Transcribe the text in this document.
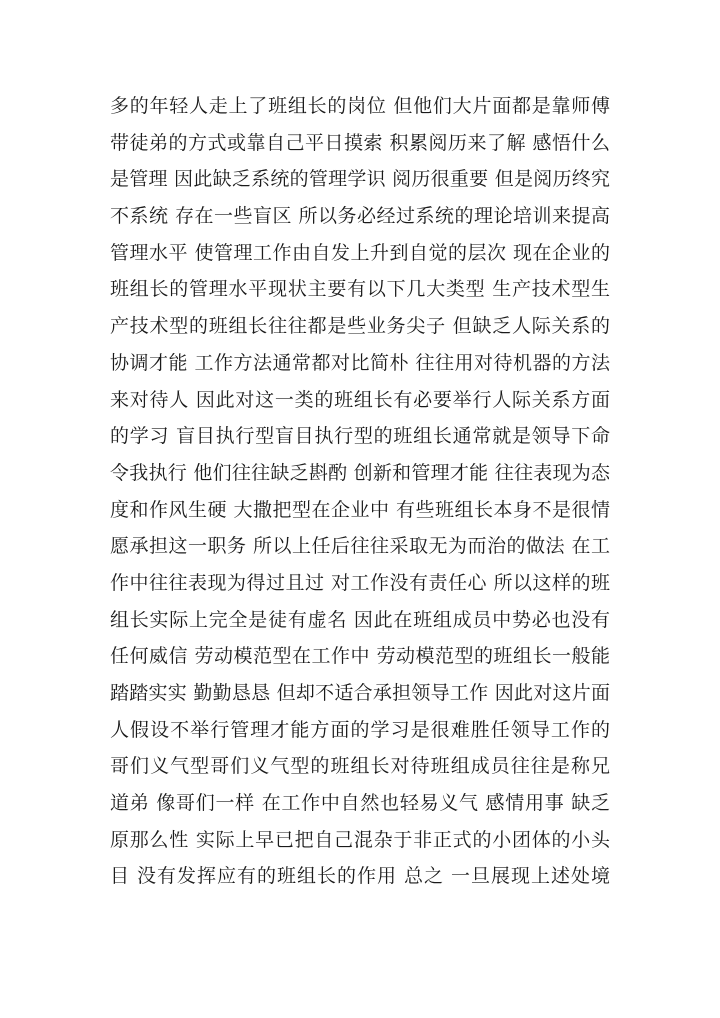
多的年轻人走上了班组长的岗位 但他们大片面都是靠师傅
带徒弟的方式或靠自己平日摸索 积累阅历来了解 感悟什么
是管理 因此缺乏系统的管理学识 阅历很重要 但是阅历终究
不系统 存在一些盲区 所以务必经过系统的理论培训来提高
管理水平 使管理工作由自发上升到自觉的层次 现在企业的
班组长的管理水平现状主要有以下几大类型 生产技术型生
产技术型的班组长往往都是些业务尖子 但缺乏人际关系的
协调才能 工作方法通常都对比简朴 往往用对待机器的方法
来对待人 因此对这一类的班组长有必要举行人际关系方面
的学习 盲目执行型盲目执行型的班组长通常就是领导下命
令我执行 他们往往缺乏斟酌 创新和管理才能 往往表现为态
度和作风生硬 大撒把型在企业中 有些班组长本身不是很情
愿承担这一职务 所以上任后往往采取无为而治的做法 在工
作中往往表现为得过且过 对工作没有责任心 所以这样的班
组长实际上完全是徒有虚名 因此在班组成员中势必也没有
任何威信 劳动模范型在工作中 劳动模范型的班组长一般能
踏踏实实 勤勤恳恳 但却不适合承担领导工作 因此对这片面
人假设不举行管理才能方面的学习是很难胜任领导工作的
哥们义气型哥们义气型的班组长对待班组成员往往是称兄
道弟 像哥们一样 在工作中自然也轻易义气 感情用事 缺乏
原那么性 实际上早已把自己混杂于非正式的小团体的小头
目 没有发挥应有的班组长的作用 总之 一旦展现上述处境
